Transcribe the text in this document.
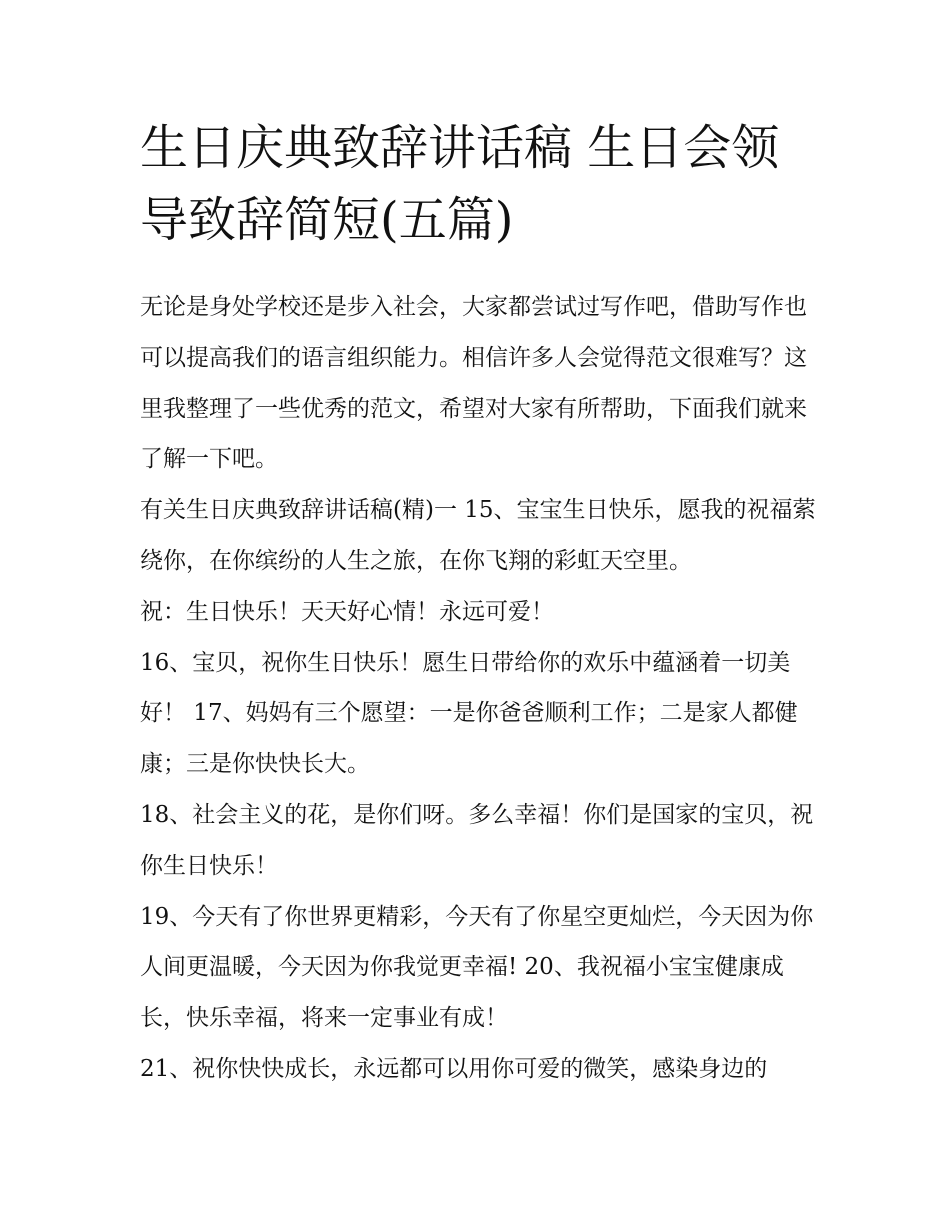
生日庆典致辞讲话稿 生日会领
导致辞简短(五篇)

无论是身处学校还是步入社会，大家都尝试过写作吧，借助写作也可以提高我们的语言组织能力。相信许多人会觉得范文很难写？这里我整理了一些优秀的范文，希望对大家有所帮助，下面我们就来了解一下吧。

有关生日庆典致辞讲话稿(精)一 15、宝宝生日快乐，愿我的祝福萦绕你，在你缤纷的人生之旅，在你飞翔的彩虹天空里。

祝：生日快乐！天天好心情！永远可爱！

16、宝贝，祝你生日快乐！愿生日带给你的欢乐中蕴涵着一切美好！ 17、妈妈有三个愿望：一是你爸爸顺利工作；二是家人都健康；三是你快快长大。

18、社会主义的花，是你们呀。多么幸福！你们是国家的宝贝，祝你生日快乐！

19、今天有了你世界更精彩，今天有了你星空更灿烂，今天因为你人间更温暖，今天因为你我觉更幸福! 20、我祝福小宝宝健康成长，快乐幸福，将来一定事业有成！

21、祝你快快成长，永远都可以用你可爱的微笑，感染身边的
